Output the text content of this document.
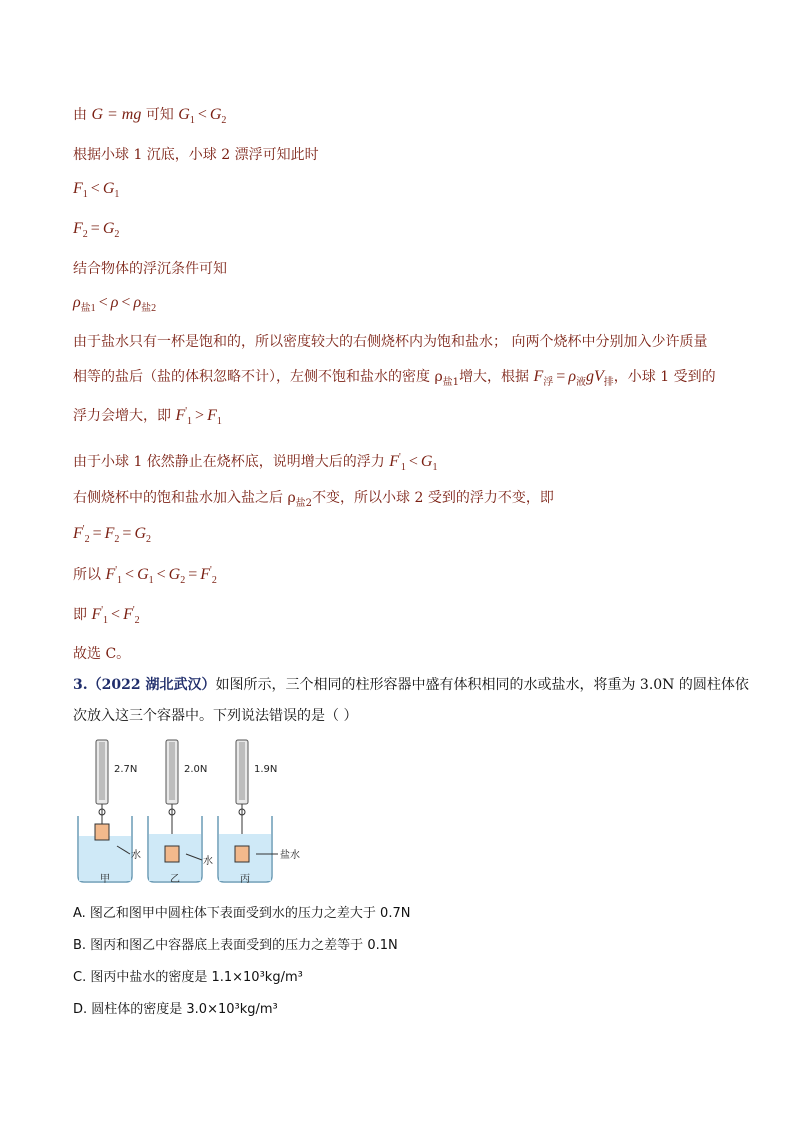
由 G = mg 可知 $G_1 < G_2$
根据小球 1 沉底，小球 2 漂浮可知此时
$F_1 < G_1$
$F_2 = G_2$
结合物体的浮沉条件可知
$\rho_{盐1} < \rho < \rho_{盐2}$
由于盐水只有一杯是饱和的，所以密度较大的右侧烧杯内为饱和盐水； 向两个烧杯中分别加入少许质量
相等的盐后（盐的体积忽略不计），左侧不饱和盐水的密度 $\rho_{盐1}$增大，根据 $F_浮 = \rho_液gV_排$，小球 1 受到的
浮力会增大，即 $F'_1 > F_1$
由于小球 1 依然静止在烧杯底，说明增大后的浮力 $F'_1 < G_1$
右侧烧杯中的饱和盐水加入盐之后 $\rho_{盐2}$不变，所以小球 2 受到的浮力不变，即
$F'_2 = F_2 = G_2$
所以 $F'_1 < G_1 < G_2 = F'_2$
即 $F'_1 < F'_2$
故选 C。
3.（2022 湖北武汉）如图所示，三个相同的柱形容器中盛有体积相同的水或盐水，将重为 3.0N 的圆柱体依
次放入这三个容器中。下列说法错误的是（ ）
2.7N
水
甲
2.0N
水
乙
1.9N
盐水
丙
A. 图乙和图甲中圆柱体下表面受到水的压力之差大于 0.7N
B. 图丙和图乙中容器底上表面受到的压力之差等于 0.1N
C. 图丙中盐水的密度是 1.1×10³kg/m³
D. 圆柱体的密度是 3.0×10³kg/m³
